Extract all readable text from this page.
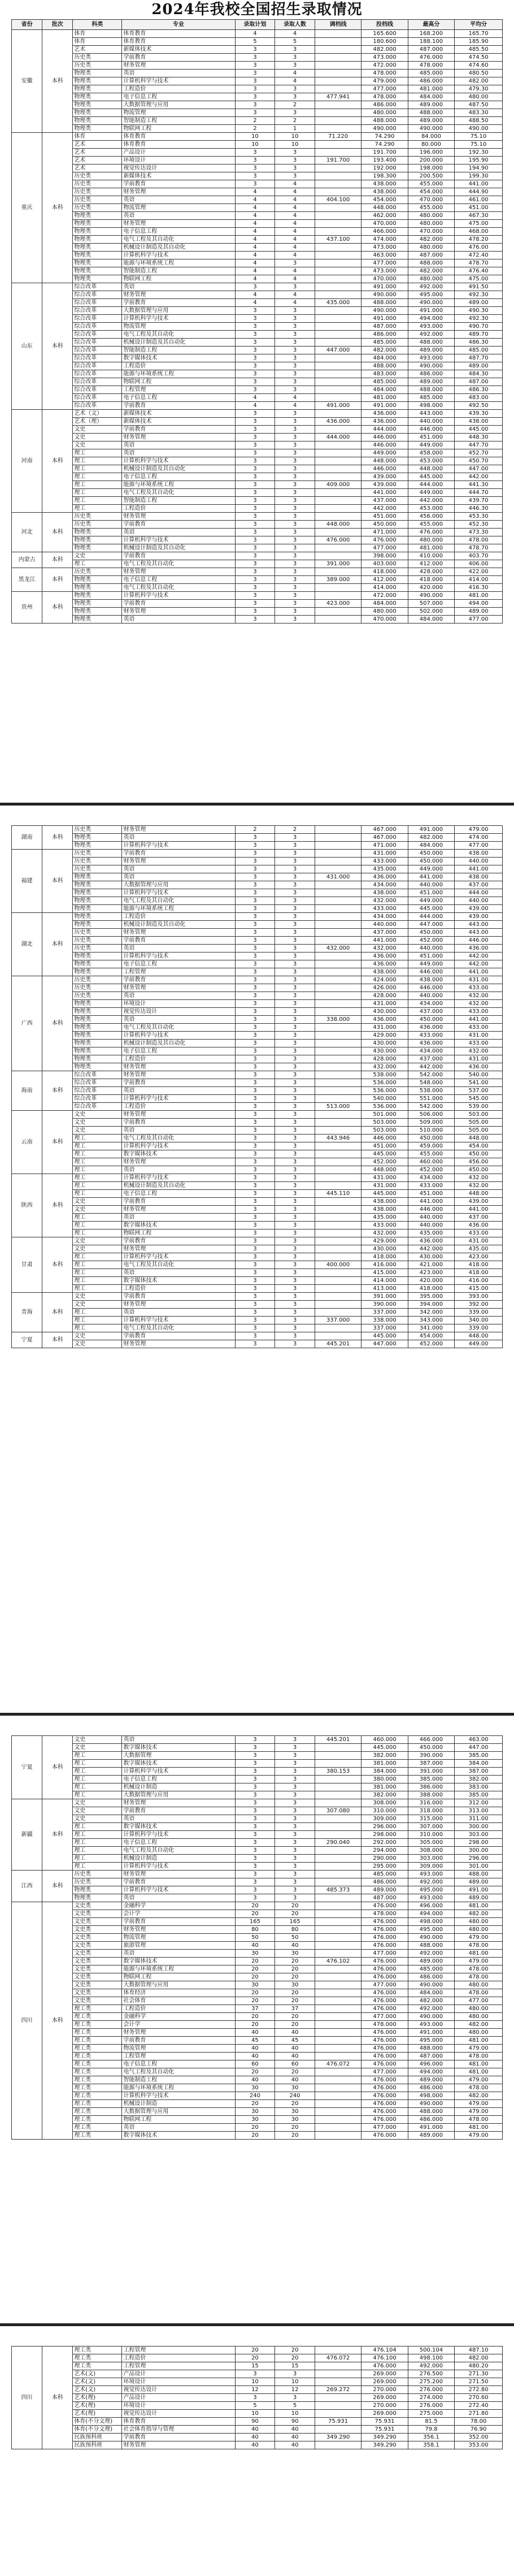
2024年我校全国招生录取情况
省份	批次	科类	专业	录取计划	录取人数	调档线	投档线	最高分	平均分
安徽	本科	体育	体育教育	4	4		165.600	168.200	165.70
		体育	体育教育	5	5		180.600	188.100	185.90
		艺术	新媒体技术	3	3		482.000	487.000	485.50
		历史类	学前教育	3	3		473.000	476.000	474.50
		历史类	财务管理	3	3		472.000	478.000	474.60
		物理类	英语	3	4		478.000	485.000	480.50
		物理类	计算机科学与技术	3	4		479.000	486.000	482.00
		物理类	工程造价	3	3		477.000	481.000	479.30
		物理类	电子信息工程	3	3	477.941	478.000	484.000	480.00
		物理类	大数据管理与应用	3	2		486.000	489.000	487.50
		物理类	物流管理	3	3		480.000	488.000	483.30
		物理类	智能制造工程	2	2		488.000	489.000	488.50
		物理类	物联网工程	2	1		490.000	490.000	490.00
重庆	本科	体育	体育教育	10	10	71.220	74.290	84.000	75.10
		艺术	体育教育	10	10		74.290	80.000	75.10
		艺术	产品设计	3	3		191.700	196.000	192.30
		艺术	环境设计	3	3	191.700	193.400	200.000	195.90
		艺术	视觉传达设计	3	3		192.000	198.000	194.90
		历史类	新媒体技术	3	3		198.300	200.500	199.30
		历史类	学前教育	3	4		438.000	455.000	441.00
		历史类	财务管理	4	4		438.000	454.000	444.90
		历史类	英语	4	4	404.100	454.000	470.000	461.00
		历史类	物流管理	4	4		448.000	455.000	451.00
		物理类	英语	4	4		462.000	480.000	467.30
		物理类	财务管理	4	4		470.000	480.000	475.00
		物理类	电子信息工程	4	4		466.000	470.000	468.00
		物理类	电气工程及其自动化	4	4	437.100	474.000	482.000	478.20
		物理类	机械设计制造及其自动化	4	4		473.000	480.000	476.00
		物理类	计算机科学与技术	4	4		463.000	487.000	472.40
		物理类	能源与环境系统工程	4	3		477.000	488.000	478.70
		物理类	智能制造工程	4	4		473.000	482.000	476.40
		物理类	物联网工程	4	4		470.000	480.000	475.00
山东	本科	综合改革	英语	3	3		491.000	492.000	491.50
		综合改革	财务管理	4	4		490.000	495.000	492.30
		综合改革	学前教育	4	4	435.000	488.000	490.000	489.00
		综合改革	大数据管理与应用	3	3		490.000	491.000	490.30
		综合改革	计算机科学与技术	3	3		491.000	494.000	492.30
		综合改革	物流管理	3	3		487.000	493.000	490.70
		综合改革	电气工程及其自动化	3	3		486.000	492.000	489.70
		综合改革	机械设计制造及其自动化	3	3		485.000	488.000	486.30
		综合改革	智能制造工程	3	3	447.000	482.000	489.000	485.00
		综合改革	数字媒体技术	3	3		484.000	493.000	487.70
		综合改革	工程造价	3	3		488.000	490.000	489.00
		综合改革	能源与环境系统工程	3	3		483.000	486.000	484.30
		综合改革	物联网工程	3	3		485.000	489.000	487.00
		综合改革	工程管理	3	3		484.000	488.000	486.30
		综合改革	电子信息工程	4	4		481.000	485.000	483.00
		综合改革	学前教育	4	4	491.000	491.000	498.000	492.50
河南	本科	艺术（文）	新媒体技术	3	3		436.000	443.000	439.30
		艺术（理）	新媒体技术	3	3	436.000	436.000	440.000	438.00
		文史	学前教育	3	3		444.000	446.000	445.00
		文史	财务管理	3	3	444.000	446.000	451.000	448.30
		文史	英语	3	3		446.000	449.000	447.70
		理工	英语	3	3		449.000	458.000	452.70
		理工	计算机科学与技术	3	3		448.000	453.000	450.70
		理工	机械设计制造及其自动化	3	3		446.000	448.000	447.00
		理工	电子信息工程	3	3		439.000	445.000	442.00
		理工	能源与环境系统工程	3	3	409.000	439.000	444.000	441.30
		理工	电气工程及其自动化	3	3		441.000	449.000	444.70
		理工	智能制造工程	3	3		437.000	442.000	439.70
		理工	工程造价	3	3		442.000	453.000	446.30
河北	本科	历史类	财务管理	3	3		451.000	456.000	453.30
		历史类	学前教育	3	3	448.000	450.000	455.000	452.30
		物理类	英语	3	3		471.000	476.000	473.30
		物理类	计算机科学与技术	3	3	476.000	476.000	480.000	478.00
		物理类	机械设计制造及其自动化	3	3		477.000	481.000	478.70
内蒙古	本科	文史	学前教育	3	3		398.000	410.000	403.70
		理工	电气工程及其自动化	3	3	391.000	403.000	412.000	406.00
黑龙江	本科	历史类	财务管理	3	3		418.000	428.000	422.00
		物理类	电子信息工程	3	3	389.000	412.000	418.000	414.00
		物理类	电气工程及其自动化	3	3		414.000	420.000	416.30
贵州	本科	物理类	计算机科学与技术	3	3		472.000	490.000	481.00
		物理类	学前教育	3	3	423.000	484.000	507.000	494.00
		物理类	财务管理	3	3		480.000	502.000	489.00
		物理类	英语	3	3		470.000	484.000	477.00
湖南	本科	历史类	财务管理	2	2		467.000	491.000	479.00
		物理类	英语	3	3		467.000	482.000	474.00
		物理类	计算机科学与技术	3	3		471.000	484.000	477.00
福建	本科	历史类	学前教育	3	3		431.000	450.000	438.00
		历史类	财务管理	3	3		433.000	450.000	440.00
		历史类	英语	3	3		435.000	449.000	441.00
		物理类	英语	3	3	431.000	436.000	441.000	438.00
		物理类	大数据管理与应用	3	3		434.000	440.000	437.00
		物理类	计算机科学与技术	3	3		438.000	451.000	444.00
		物理类	电气工程及其自动化	3	3		432.000	449.000	440.00
		物理类	能源与环境系统工程	3	3		433.000	445.000	439.00
湖北	本科	物理类	工程造价	3	3		434.000	444.000	439.00
		物理类	机械设计制造及其自动化	3	3		440.000	447.000	443.00
		历史类	财务管理	3	3		437.000	450.000	443.00
		历史类	学前教育	3	3		441.000	452.000	446.00
		历史类	英语	3	3	432.000	432.000	440.000	436.00
		物理类	计算机科学与技术	3	3		436.000	451.000	442.00
		物理类	电子信息工程	3	3		436.000	449.000	442.00
		物理类	工程管理	3	3		438.000	446.000	441.00
广西	本科	历史类	学前教育	3	3		424.000	438.000	431.00
		历史类	财务管理	3	3		426.000	446.000	433.00
		历史类	英语	3	3		428.000	440.000	432.00
		物理类	环境设计	3	3		431.000	434.000	432.00
		物理类	视觉传达设计	3	3		430.000	437.000	433.00
		物理类	英语	3	3	338.000	436.000	450.000	441.00
		物理类	电气工程及其自动化	3	3		431.000	436.000	433.00
		物理类	计算机科学与技术	3	3		429.000	433.000	431.00
		物理类	机械设计制造及其自动化	3	3		430.000	436.000	433.00
		物理类	电子信息工程	3	3		430.000	434.000	432.00
		物理类	工程造价	3	3		428.000	437.000	431.00
		物理类	财务管理	3	3		432.000	442.000	436.00
海南	本科	综合改革	财务管理	3	3		538.000	542.000	540.00
		综合改革	学前教育	3	3		536.000	548.000	541.00
		综合改革	英语	3	3		536.000	538.000	537.00
		综合改革	计算机科学与技术	3	3		540.000	551.000	545.00
		综合改革	工程造价	3	3	513.000	536.000	542.000	539.00
云南	本科	文史	财务管理	3	3		501.000	506.000	503.00
		文史	学前教育	3	3		503.000	509.000	505.00
		文史	英语	3	3		503.000	510.000	505.00
		理工	电气工程及其自动化	3	3	443.946	446.000	450.000	448.00
		理工	计算机科学与技术	3	3		451.000	459.000	454.00
		理工	数字媒体技术	3	3		445.000	455.000	450.00
		理工	财务管理	3	3		452.000	460.000	456.00
		理工	英语	3	3		448.000	452.000	450.00
陕西	本科	理工	计算机科学与技术	3	3		431.000	434.000	432.00
		理工	机械设计制造及其自动化	3	3		431.000	433.000	432.00
		理工	电子信息工程	3	3	445.110	445.000	451.000	448.00
		文史	学前教育	3	3		438.000	441.000	439.00
		文史	财务管理	3	3		438.000	446.000	441.00
		理工	英语	3	3		435.000	440.000	437.00
		理工	数字媒体技术	3	3		433.000	440.000	436.00
		理工	物联网工程	3	3		432.000	435.000	433.00
甘肃	本科	文史	学前教育	3	3		429.000	436.000	431.00
		文史	财务管理	3	3		430.000	442.000	435.00
		理工	计算机科学与技术	3	3		418.000	430.000	423.00
		理工	电气工程及其自动化	3	3	400.000	416.000	421.000	418.00
		理工	英语	3	3		415.000	423.000	418.00
		理工	数字媒体技术	3	3		414.000	420.000	416.00
		理工	工程造价	3	3		413.000	418.000	415.00
青海	本科	文史	学前教育	3	3		391.000	395.000	393.00
		文史	财务管理	3	3		390.000	394.000	392.00
		理工	英语	3	3		337.000	342.000	339.00
		理工	计算机科学与技术	3	3	337.000	338.000	343.000	340.00
		理工	电气工程及其自动化	3	3		337.000	341.000	339.00
宁夏	本科	文史	学前教育	3	3		445.000	454.000	448.00
		文史	财务管理	3	3	445.201	447.000	452.000	449.00
宁夏	本科	文史	英语	3	3	445.201	460.000	466.000	463.00
		文史	数字媒体技术	3	3		445.000	450.000	447.00
		理工	大数据管理	3	3		382.000	390.000	385.00
		理工	数字媒体技术	3	3		381.000	387.000	384.00
		理工	计算机科学与技术	3	3	380.153	384.000	391.000	387.00
		理工	电子信息工程	3	3		380.000	385.000	382.00
		理工	机械设计制造	3	3		381.000	386.000	383.00
		理工	大数据管理与应用	3	3		382.000	388.000	385.00
新疆	本科	文史	财务管理	3	3		308.000	316.000	312.00
		文史	学前教育	3	3	307.080	310.000	318.000	313.00
		文史	英语	3	3		309.000	315.000	311.00
		理工	数字媒体技术	3	3		296.000	307.000	300.00
		理工	计算机科学与技术	3	3		298.000	310.000	303.00
		理工	电子信息工程	3	3	290.040	292.000	305.000	298.00
		理工	电气工程及其自动化	3	3		294.000	308.000	300.00
		理工	机械设计制造	3	3		290.000	303.000	296.00
		理工	计算机科学与技术	3	3		295.000	309.000	301.00
江西	本科	历史类	财务管理	3	3		485.000	493.000	488.00
		历史类	学前教育	3	3		486.000	492.000	489.00
		物理类	计算机科学与技术	3	3	485.373	489.000	495.000	491.00
		物理类	英语	3	3		487.000	493.000	489.00
四川	本科	文史类	金融科学	20	20		476.000	496.000	481.00
		文史类	会计学	20	20		478.000	494.000	482.00
		文史类	学前教育	165	165		476.000	498.000	480.00
		文史类	财务管理	80	80		476.000	495.000	480.00
		文史类	物流管理	50	50		476.000	490.000	479.00
		文史类	旅游管理	40	40		476.000	488.000	478.00
		文史类	英语	30	30		477.000	492.000	481.00
		文史类	数字媒体技术	20	20	476.102	476.000	489.000	479.00
		文史类	能源与环境系统工程	20	20		476.000	485.000	478.00
		文史类	物联网工程	20	20		476.000	486.000	478.00
		文史类	大数据管理与应用	30	30		477.000	490.000	480.00
		文史类	体育经济	20	20		476.000	484.000	478.00
		文史类	社会体育	20	20		476.000	482.000	477.00
		理工类	工程造价	37	37		476.000	492.000	480.00
		理工类	金融科学	20	20		477.000	490.000	480.00
		理工类	会计学	20	20		478.000	493.000	482.00
		理工类	财务管理	40	40		476.000	491.000	480.00
		理工类	学前教育	45	45		476.000	495.000	481.00
		理工类	物流管理	40	40		476.000	488.000	479.00
		理工类	工程管理	40	40		476.000	487.000	478.00
		理工类	电子信息工程	60	60	476.072	476.000	496.000	481.00
		理工类	电气工程及其自动化	20	20		477.000	494.000	481.00
		理工类	智能制造工程	40	40		476.000	489.000	479.00
		理工类	能源与环境系统工程	30	30		476.000	486.000	478.00
		理工类	计算机科学与技术	240	240		476.000	498.000	482.00
		理工类	机械设计制造	20	20		476.000	490.000	479.00
		理工类	大数据管理与应用	30	30		476.000	488.000	479.00
		理工类	物联网工程	30	30		476.000	486.000	478.00
		理工类	英语	20	20		477.000	491.000	481.00
		理工类	数字媒体技术	20	20		476.000	489.000	479.00
四川	本科	理工类	工程管理	20	20		476.104	500.104	487.10
		理工类	工程造价	20	20	476.072	476.100	498.100	482.00
		理工类	工程管理	15	15		476.000	492.000	480.20
		艺术(文)	产品设计	3	3		269.000	276.500	271.30
		艺术(文)	环境设计	10	10		269.000	275.200	271.50
		艺术(文)	视觉传达设计	12	12	269.272	270.000	276.000	272.80
		艺术(理)	产品设计	3	3		269.000	274.000	270.60
		艺术(理)	环境设计	5	5		270.000	276.000	272.40
		艺术(理)	视觉传达设计	10	10		269.000	275.000	271.80
		体育(不分文理)	体育教育	90	90	75.931	75.931	81.5	78.00
		体育(不分文理)	社会体育指导与管理	40	40		75.931	79.8	76.90
		民族预科班	学前教育	40	40	349.290	349.290	356.1	352.00
		民族预科班	财务管理	40	40		349.290	358.1	353.00
